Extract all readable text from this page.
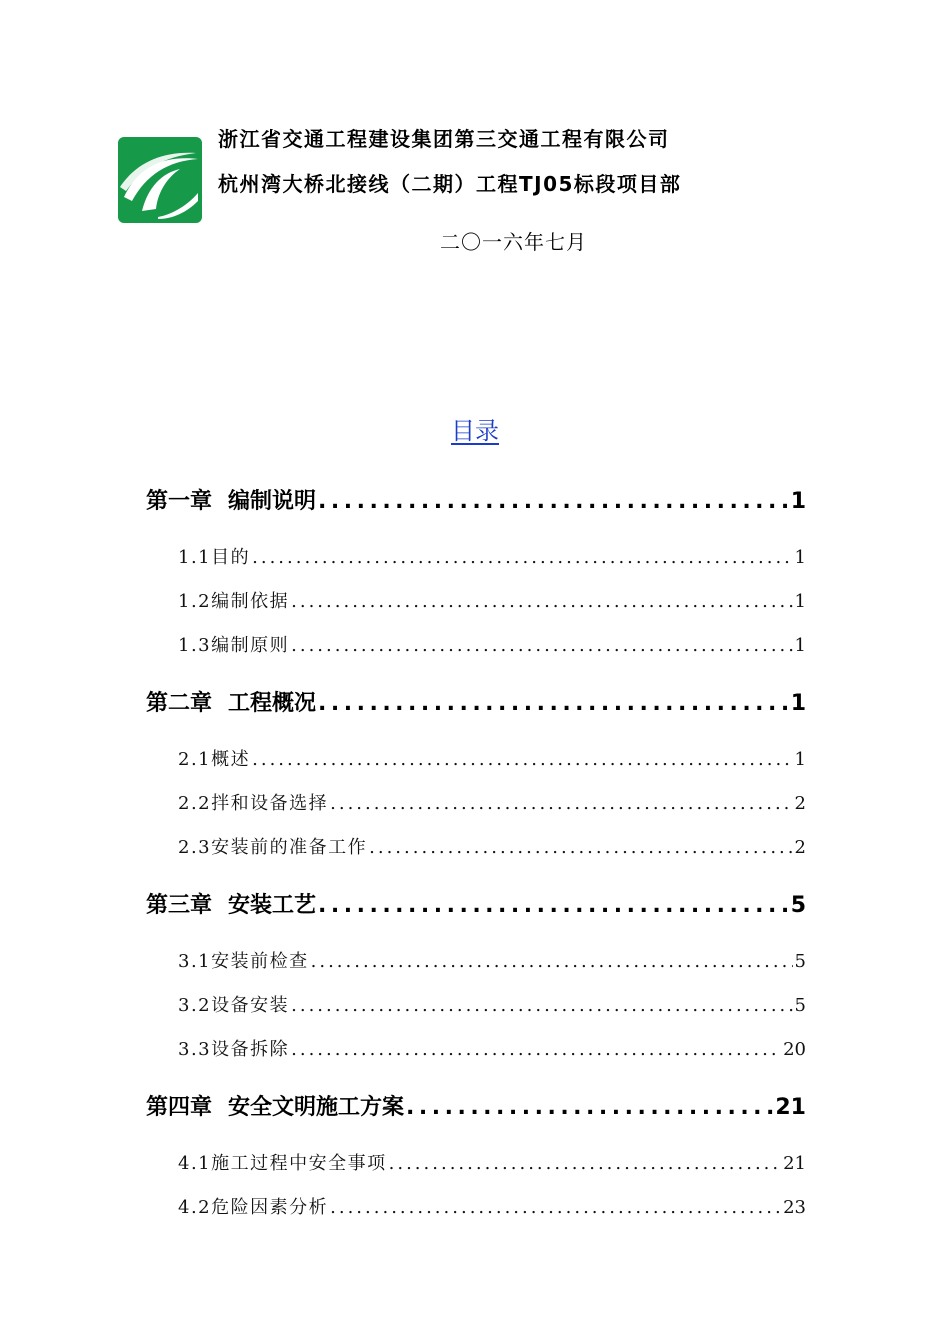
浙江省交通工程建设集团第三交通工程有限公司
杭州湾大桥北接线（二期）工程TJ05标段项目部
二〇一六年七月
目录
第一章 编制说明 .....	1
1.1目的 .....	1
1.2编制依据 .....	1
1.3编制原则 .....	1
第二章 工程概况 .....	1
2.1概述 .....	1
2.2拌和设备选择 .....	2
2.3安装前的准备工作 .....	2
第三章 安装工艺 .....	5
3.1安装前检查 .....	5
3.2设备安装 .....	5
3.3设备拆除 .....	20
第四章 安全文明施工方案 .....	21
4.1施工过程中安全事项 .....	21
4.2危险因素分析 .....	23
